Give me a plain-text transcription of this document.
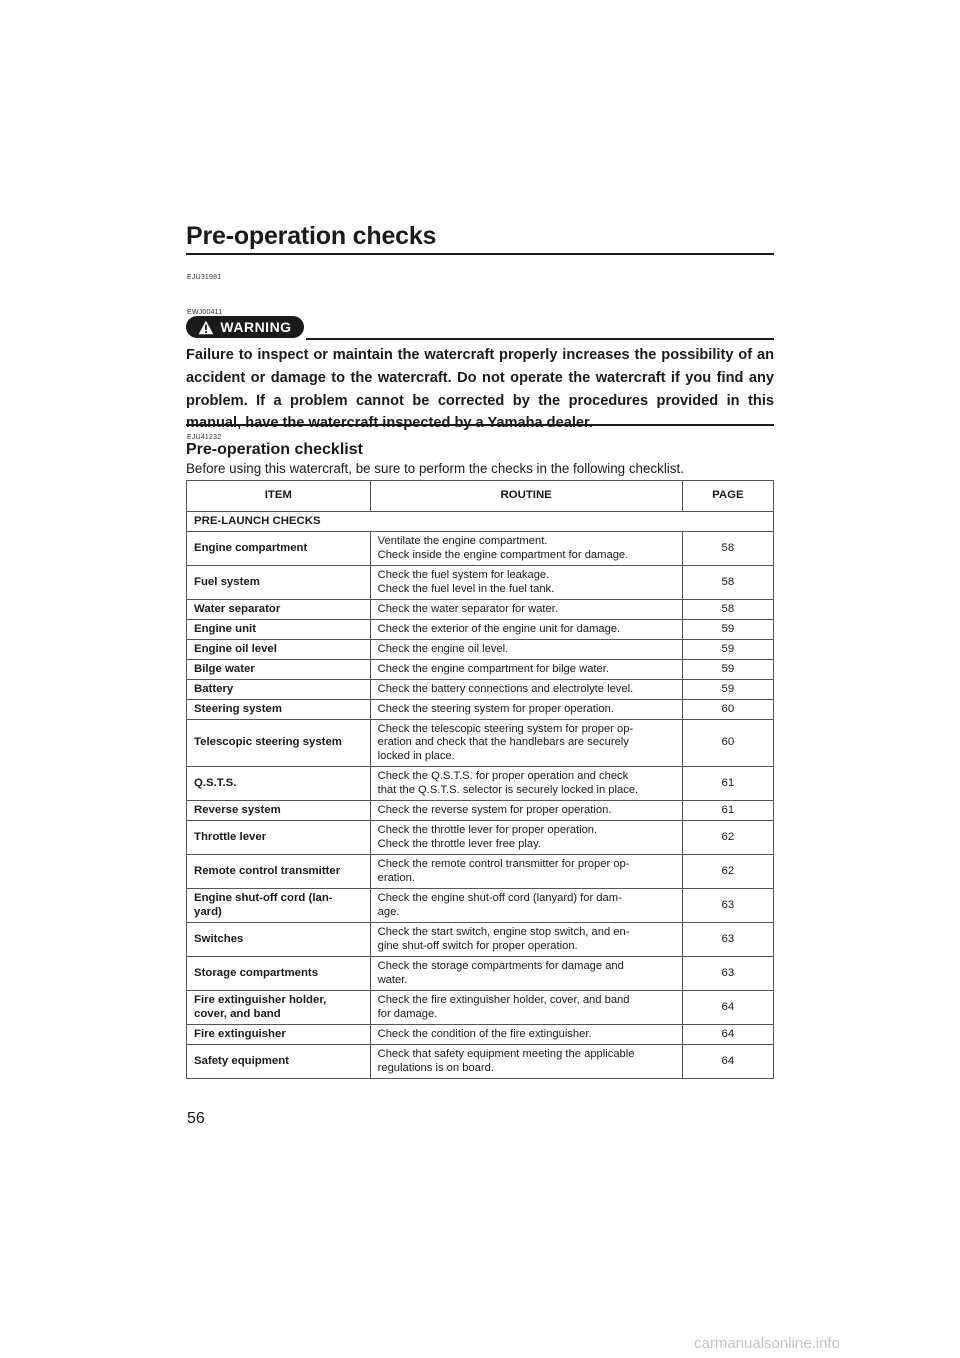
Pre-operation checks
EJU31981
EWJ00411
WARNING
Failure to inspect or maintain the watercraft properly increases the possibility of an accident or damage to the watercraft. Do not operate the watercraft if you find any problem. If a problem cannot be corrected by the procedures provided in this
EJU41232
Pre-operation checklist
Before using this watercraft, be sure to perform the checks in the following checklist.
ITEM	ROUTINE	PAGE
PRE-LAUNCH CHECKS		

Engine compartment	Ventilate the engine compartment.
Check inside the engine compartment for damage.	58

Fuel system	Check the fuel system for leakage.
Check the fuel level in the fuel tank.	58

Water separator	Check the water separator for water.	58

Engine unit	Check the exterior of the engine unit for damage.	59

Engine oil level	Check the engine oil level.	59

Bilge water	Check the engine compartment for bilge water.	59

Battery	Check the battery connections and electrolyte level.	59

Steering system	Check the steering system for proper operation.	60

Telescopic steering system	Check the telescopic steering system for proper op-
eration and check that the handlebars are securely
locked in place.	60

Q.S.T.S.	Check the Q.S.T.S. for proper operation and check
that the Q.S.T.S. selector is securely locked in place.	61

Reverse system	Check the reverse system for proper operation.	61

Throttle lever	Check the throttle lever for proper operation.
Check the throttle lever free play.	62

Remote control transmitter	Check the remote control transmitter for proper op-
eration.	62

Engine shut-off cord (lan-
yard)	Check the engine shut-off cord (lanyard) for dam-
age.	63

Switches	Check the start switch, engine stop switch, and en-
gine shut-off switch for proper operation.	63

Storage compartments	Check the storage compartments for damage and
water.	63

Fire extinguisher holder,
cover, and band	Check the fire extinguisher holder, cover, and band
for damage.	64

Fire extinguisher	Check the condition of the fire extinguisher.	64

Safety equipment	Check that safety equipment meeting the applicable
regulations is on board.	64
56
carmanualsonline.info
